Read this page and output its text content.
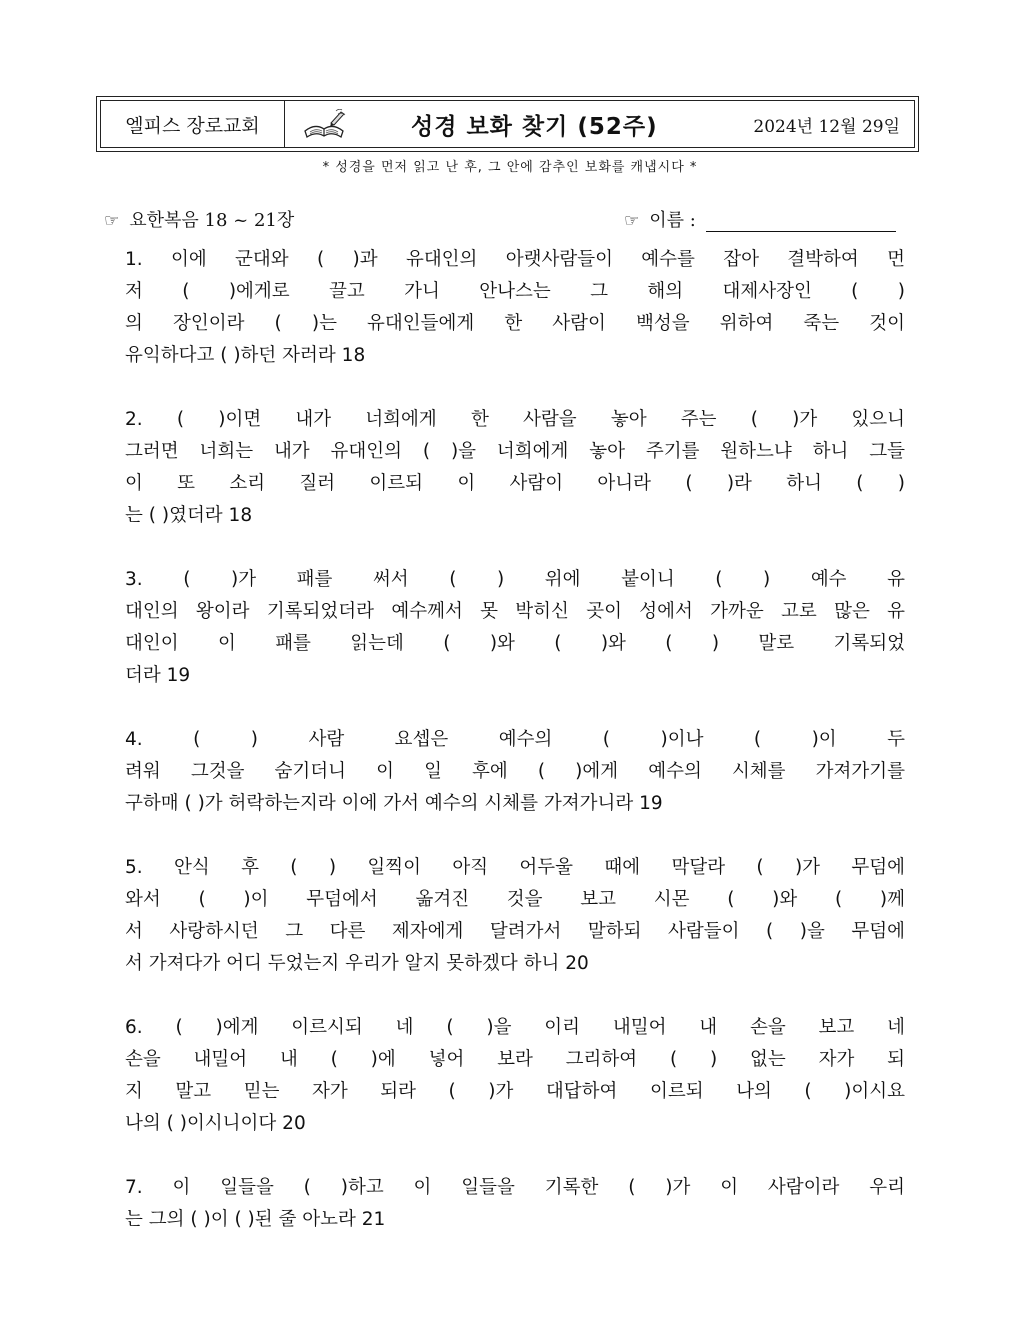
엘피스 장로교회	성경 보화 찾기 (52주)	2024년 12월 29일
* 성경을 먼저 읽고 난 후, 그 안에 감추인 보화를 캐냅시다 *
☞ 요한복음 18 ~ 21장	☞ 이름 :
1. 이에 군대와 ( )과 유대인의 아랫사람들이 예수를 잡아 결박하여 먼
저 ( )에게로 끌고 가니 안나스는 그 해의 대제사장인 ( )
의 장인이라 ( )는 유대인들에게 한 사람이 백성을 위하여 죽는 것이
유익하다고 ( )하던 자러라 18
2. ( )이면 내가 너희에게 한 사람을 놓아 주는 ( )가 있으니
그러면 너희는 내가 유대인의 ( )을 너희에게 놓아 주기를 원하느냐 하니 그들
이 또 소리 질러 이르되 이 사람이 아니라 ( )라 하니 ( )
는 ( )였더라 18
3. ( )가 패를 써서 ( ) 위에 붙이니 ( ) 예수 유
대인의 왕이라 기록되었더라 예수께서 못 박히신 곳이 성에서 가까운 고로 많은 유
대인이 이 패를 읽는데 ( )와 ( )와 ( ) 말로 기록되었
더라 19
4. ( ) 사람 요셉은 예수의 ( )이나 ( )이 두
려워 그것을 숨기더니 이 일 후에 ( )에게 예수의 시체를 가져가기를
구하매 ( )가 허락하는지라 이에 가서 예수의 시체를 가져가니라 19
5. 안식 후 ( ) 일찍이 아직 어두울 때에 막달라 ( )가 무덤에
와서 ( )이 무덤에서 옮겨진 것을 보고 시몬 ( )와 ( )께
서 사랑하시던 그 다른 제자에게 달려가서 말하되 사람들이 ( )을 무덤에
서 가져다가 어디 두었는지 우리가 알지 못하겠다 하니 20
6. ( )에게 이르시되 네 ( )을 이리 내밀어 내 손을 보고 네
손을 내밀어 내 ( )에 넣어 보라 그리하여 ( ) 없는 자가 되
지 말고 믿는 자가 되라 ( )가 대답하여 이르되 나의 ( )이시요
나의 ( )이시니이다 20
7. 이 일들을 ( )하고 이 일들을 기록한 ( )가 이 사람이라 우리
는 그의 ( )이 ( )된 줄 아노라 21
